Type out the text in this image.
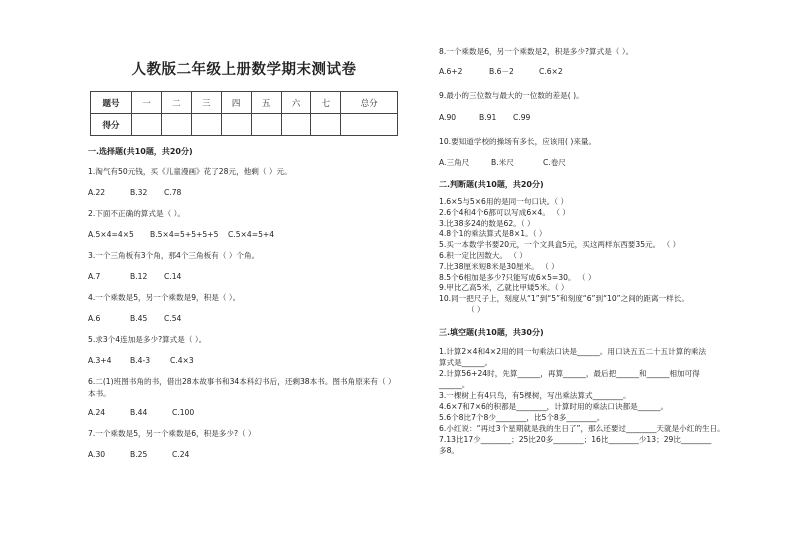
人教版二年级上册数学期末测试卷
题号	一	二	三	四	五	六	七	总分
得分								

一.选择题(共10题，共20分)

1.淘气有50元钱，买《儿童漫画》花了28元，他剩（ ）元。

A.22	B.32 C.78

2.下面不正确的算式是（ ）。

A.5×4=4×5 B.5×4=5+5+5+5 C.5×4=5+4

3.一个三角板有3个角，那4个三角板有（ ）个角。

A.7	B.12 C.14

4.一个乘数是5，另一个乘数是9，积是（ ）。

A.6	B.45 C.54

5.求3个4连加是多少?算式是（ ）。

A.3+4 B.4-3	C.4×3

6.二(1)班图书角的书，借出28本故事书和34本科幻书后，还剩38本书。图书角原来有（ ）本书。

A.24	B.44	C.100

7.一个乘数是5，另一个乘数是6，积是多少?（ ）

A.30	B.25	C.24

8.一个乘数是6，另一个乘数是2，积是多少?算式是（ ）。

A.6+2	B.6－2	C.6×2

9.最小的三位数与最大的一位数的差是( )。

A.90	B.91 C.99

10.要知道学校的操场有多长，应该用( )来量。

A.三角尺	B.米尺	C.卷尺

二.判断题(共10题，共20分)

1.6×5与5×6用的是同一句口诀。（ ）

2.6个4和4个6都可以写成6×4。 （ ）

3.比38多24的数是62。（ ）

4.8个1的乘法算式是8×1。（ ）

5.买一本数学书要20元，一个文具盒5元，买这两样东西要35元。 （ ）

6.积一定比因数大。 （ ）

7.比38厘米短8米是30厘米。 （ ）

8.5个6相加是多少?只能写成6×5=30。 （ ）

9.甲比乙高5米，乙就比甲矮5米。（ ）

10.同一把尺子上，刻度从“1”到“5”和刻度“6”到“10”之间的距离一样长。

（ ）

三.填空题(共10题，共30分)

1.计算2×4和4×2用的同一句乘法口诀是______。用口诀五五二十五计算的乘法

算式是______。

2.计算56+24时，先算______，再算______，最后把______和______相加可得

______。

3.一棵树上有4只鸟，有5棵树，写出乘法算式________。

4.6×7和7×6的积都是________，计算时用的乘法口诀都是______。

5.6个8比7个8少________，比5个8多________。

6.小红说：“再过3个星期就是我的生日了”，那么还要过________天就是小红的生日。

7.13比17少________；25比20多________；16比________少13；29比________

多8。
